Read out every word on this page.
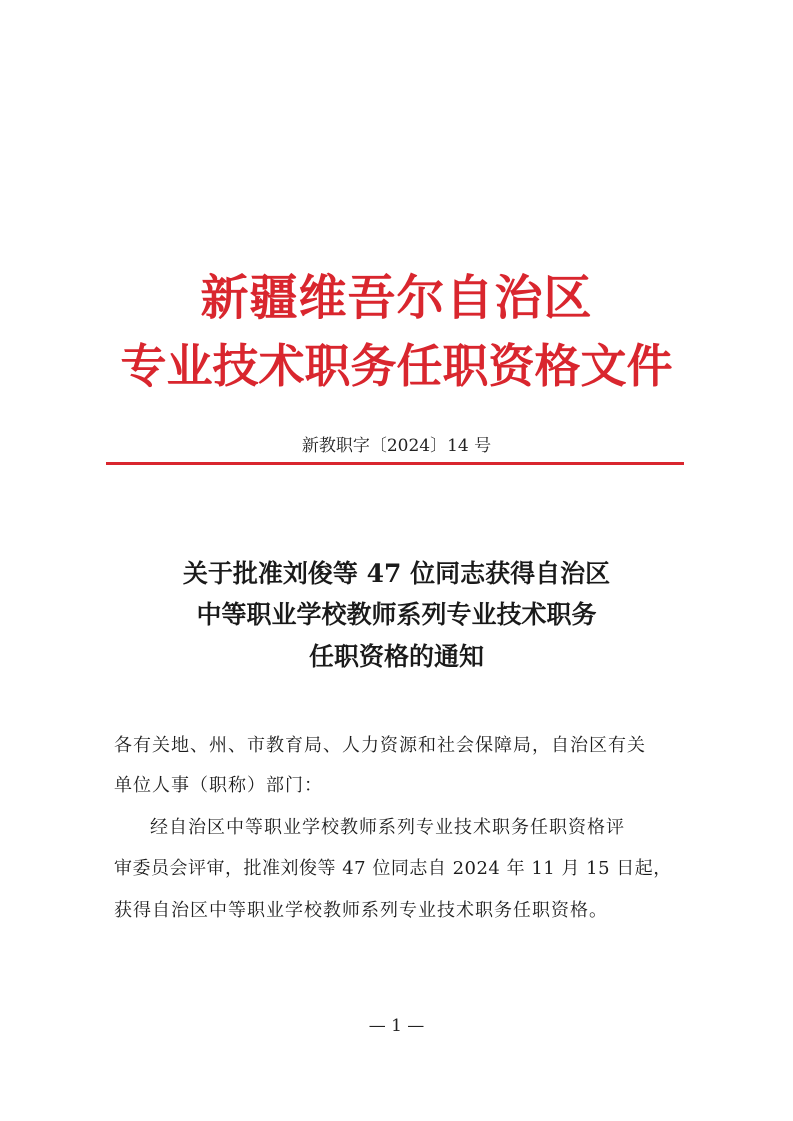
新疆维吾尔自治区
专业技术职务任职资格文件
新教职字〔2024〕14 号
关于批准刘俊等 47 位同志获得自治区
中等职业学校教师系列专业技术职务
任职资格的通知
各有关地、州、市教育局、人力资源和社会保障局，自治区有关
单位人事（职称）部门：
经自治区中等职业学校教师系列专业技术职务任职资格评
审委员会评审，批准刘俊等 47 位同志自 2024 年 11 月 15 日起，
获得自治区中等职业学校教师系列专业技术职务任职资格。
— 1 —
